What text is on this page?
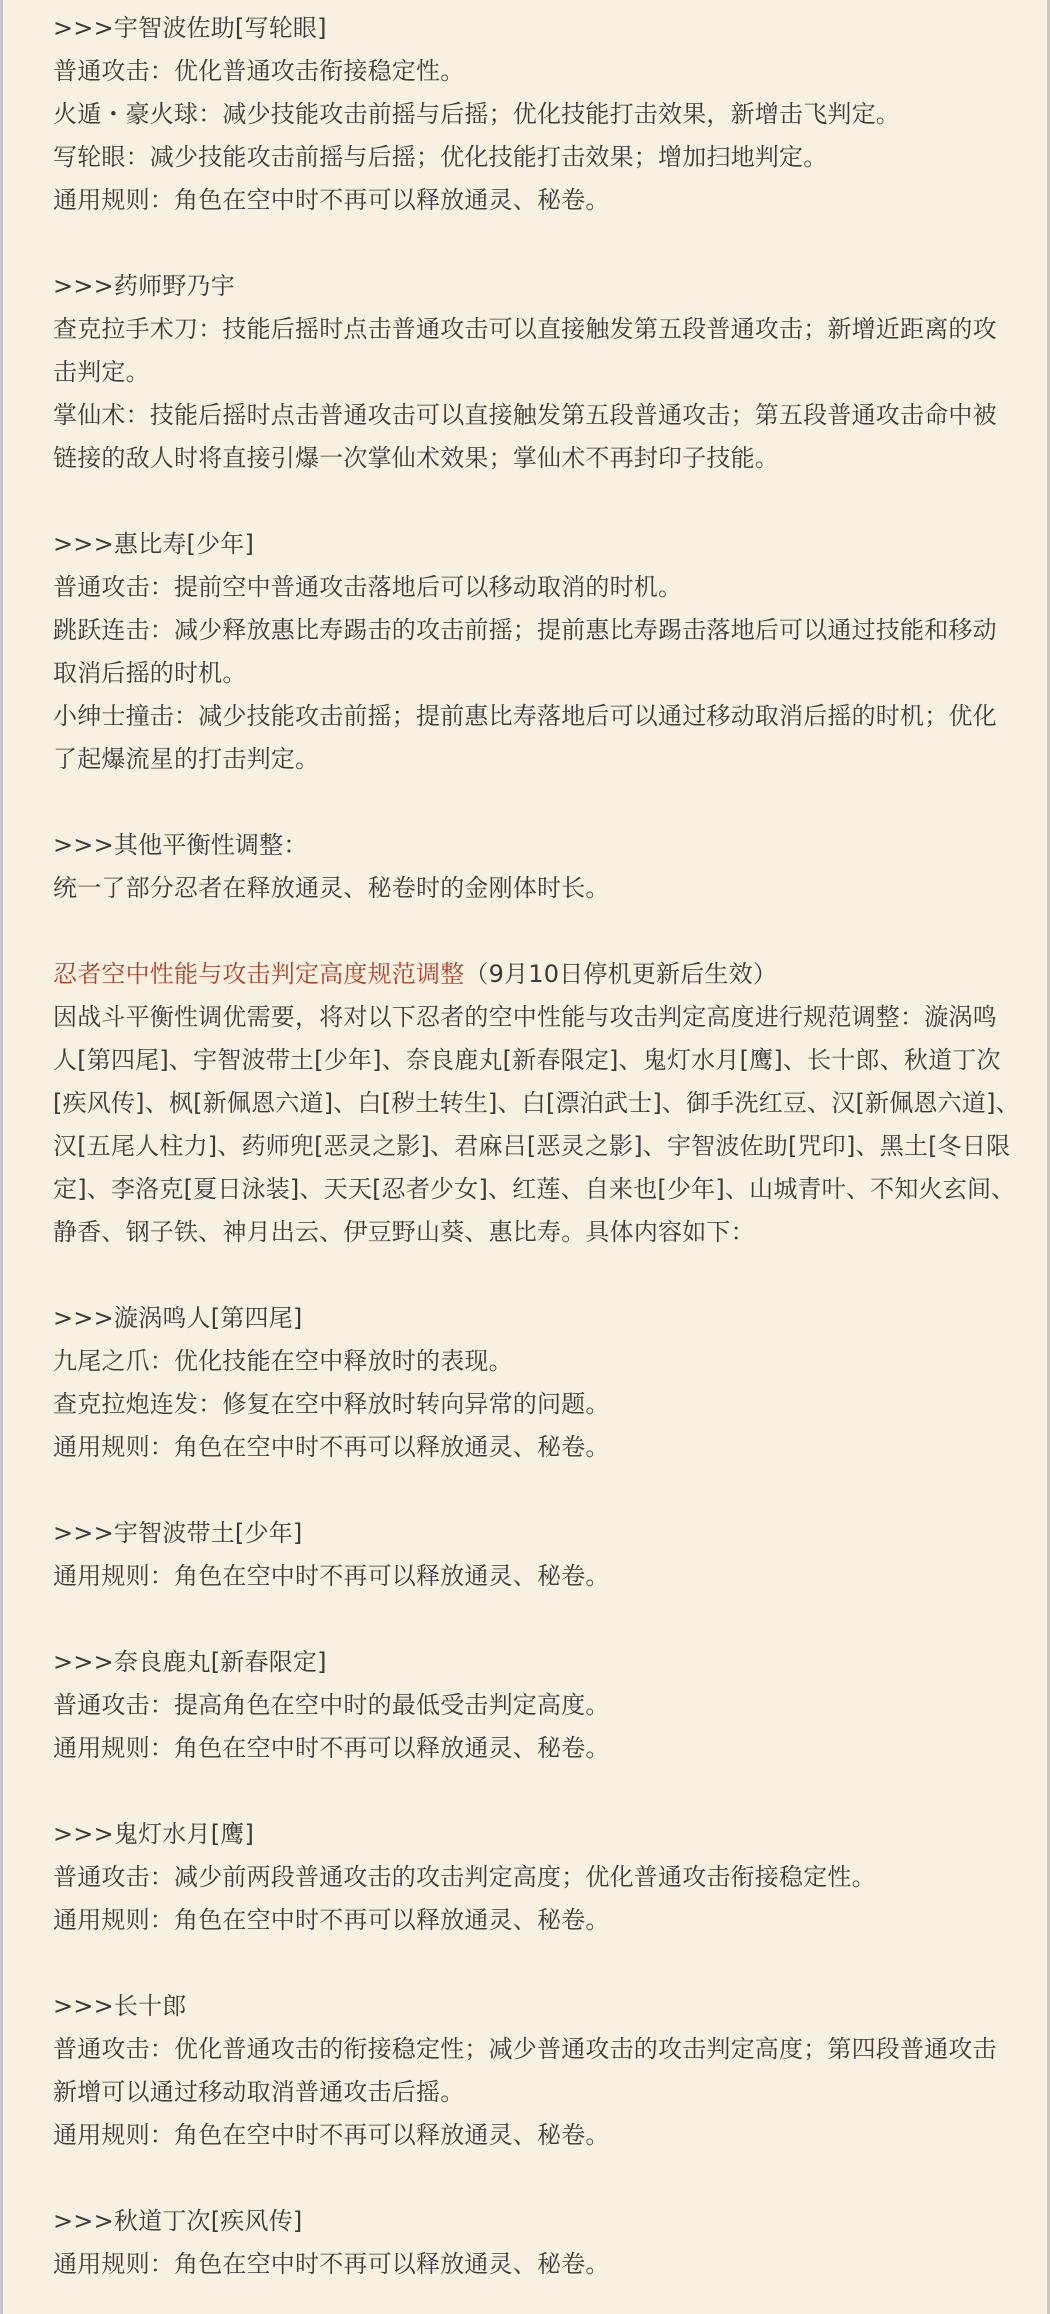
>>>宇智波佐助[写轮眼]
普通攻击：优化普通攻击衔接稳定性。
火遁・豪火球：减少技能攻击前摇与后摇；优化技能打击效果，新增击飞判定。
写轮眼：减少技能攻击前摇与后摇；优化技能打击效果；增加扫地判定。
通用规则：角色在空中时不再可以释放通灵、秘卷。
>>>药师野乃宇
查克拉手术刀：技能后摇时点击普通攻击可以直接触发第五段普通攻击；新增近距离的攻
击判定。
掌仙术：技能后摇时点击普通攻击可以直接触发第五段普通攻击；第五段普通攻击命中被
链接的敌人时将直接引爆一次掌仙术效果；掌仙术不再封印子技能。
>>>惠比寿[少年]
普通攻击：提前空中普通攻击落地后可以移动取消的时机。
跳跃连击：减少释放惠比寿踢击的攻击前摇；提前惠比寿踢击落地后可以通过技能和移动
取消后摇的时机。
小绅士撞击：减少技能攻击前摇；提前惠比寿落地后可以通过移动取消后摇的时机；优化
了起爆流星的打击判定。
>>>其他平衡性调整：
统一了部分忍者在释放通灵、秘卷时的金刚体时长。
忍者空中性能与攻击判定高度规范调整（9月10日停机更新后生效）
因战斗平衡性调优需要，将对以下忍者的空中性能与攻击判定高度进行规范调整：漩涡鸣
人[第四尾]、宇智波带土[少年]、奈良鹿丸[新春限定]、鬼灯水月[鹰]、长十郎、秋道丁次
[疾风传]、枫[新佩恩六道]、白[秽土转生]、白[漂泊武士]、御手洗红豆、汉[新佩恩六道]、
汉[五尾人柱力]、药师兜[恶灵之影]、君麻吕[恶灵之影]、宇智波佐助[咒印]、黑土[冬日限
定]、李洛克[夏日泳装]、天天[忍者少女]、红莲、自来也[少年]、山城青叶、不知火玄间、
静香、钢子铁、神月出云、伊豆野山葵、惠比寿。具体内容如下：
>>>漩涡鸣人[第四尾]
九尾之爪：优化技能在空中释放时的表现。
查克拉炮连发：修复在空中释放时转向异常的问题。
通用规则：角色在空中时不再可以释放通灵、秘卷。
>>>宇智波带土[少年]
通用规则：角色在空中时不再可以释放通灵、秘卷。
>>>奈良鹿丸[新春限定]
普通攻击：提高角色在空中时的最低受击判定高度。
通用规则：角色在空中时不再可以释放通灵、秘卷。
>>>鬼灯水月[鹰]
普通攻击：减少前两段普通攻击的攻击判定高度；优化普通攻击衔接稳定性。
通用规则：角色在空中时不再可以释放通灵、秘卷。
>>>长十郎
普通攻击：优化普通攻击的衔接稳定性；减少普通攻击的攻击判定高度；第四段普通攻击
新增可以通过移动取消普通攻击后摇。
通用规则：角色在空中时不再可以释放通灵、秘卷。
>>>秋道丁次[疾风传]
通用规则：角色在空中时不再可以释放通灵、秘卷。
